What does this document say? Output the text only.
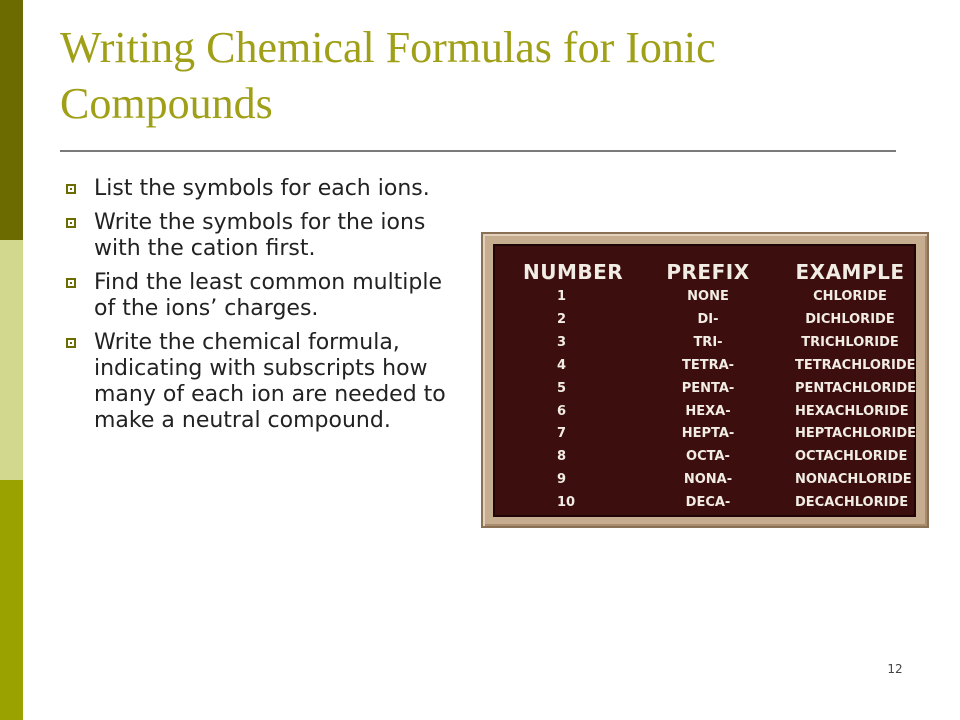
Writing Chemical Formulas for Ionic Compounds
List the symbols for each ions.
Write the symbols for the ions with the cation first.
Find the least common multiple of the ions’ charges.
Write the chemical formula, indicating with subscripts how many of each ion are needed to make a neutral compound.
NUMBER
1
2
3
4
5
6
7
8
9
10
PREFIX
NONE
DI-
TRI-
TETRA-
PENTA-
HEXA-
HEPTA-
OCTA-
NONA-
DECA-
EXAMPLE
CHLORIDE
DICHLORIDE
TRICHLORIDE
TETRACHLORIDE
PENTACHLORIDE
HEXACHLORIDE
HEPTACHLORIDE
OCTACHLORIDE
NONACHLORIDE
DECACHLORIDE
12
